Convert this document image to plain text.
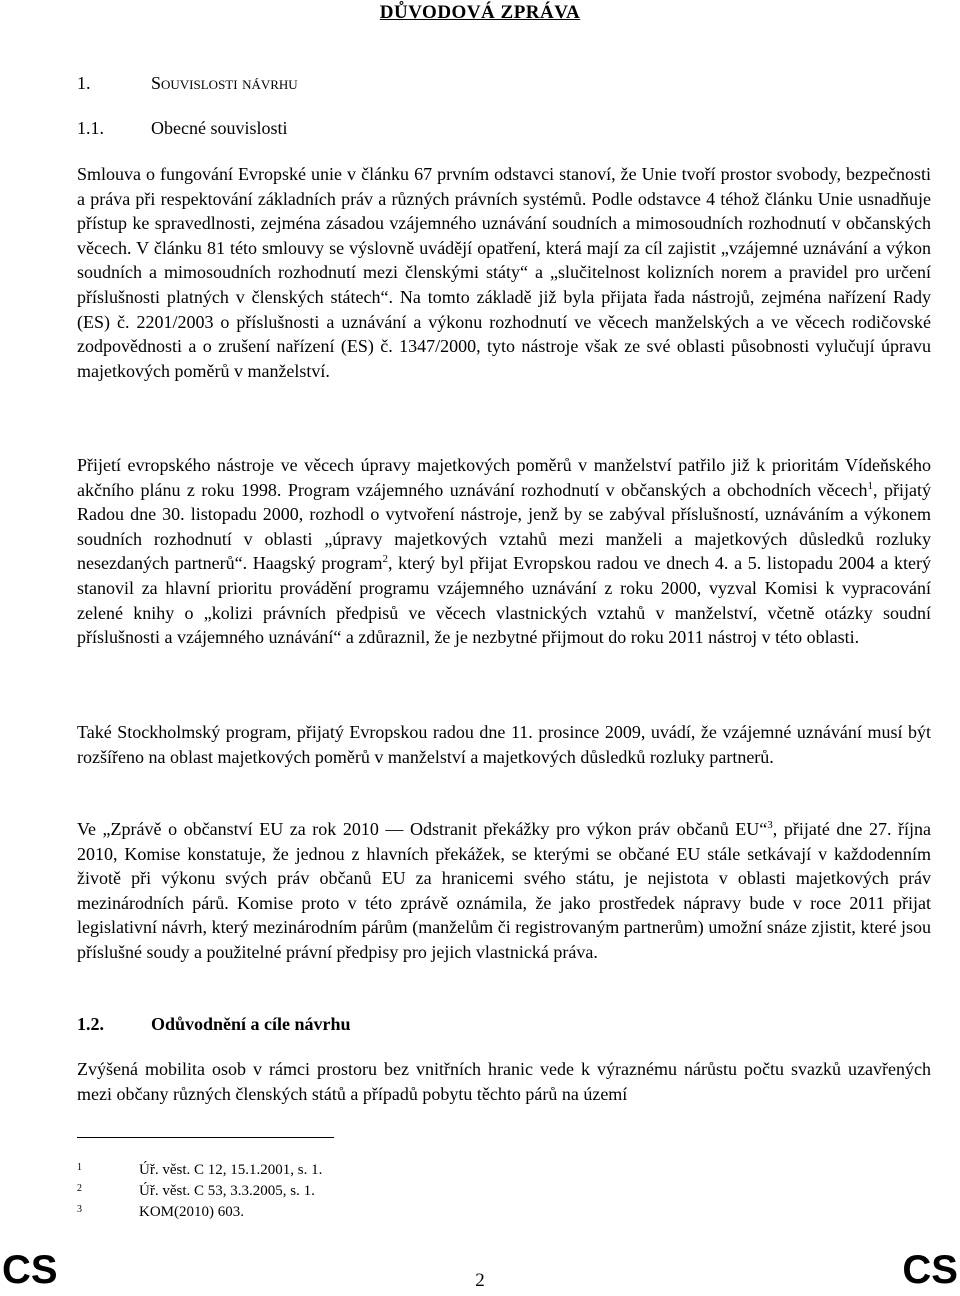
DŮVODOVÁ ZPRÁVA
1.	Souvislosti návrhu
1.1.	Obecné souvislosti

Smlouva o fungování Evropské unie v článku 67 prvním odstavci stanoví, že Unie tvoří prostor svobody, bezpečnosti a práva při respektování základních práv a různých právních systémů. Podle odstavce 4 téhož článku Unie usnadňuje přístup ke spravedlnosti, zejména zásadou vzájemného uznávání soudních a mimosoudních rozhodnutí v občanských věcech. V článku 81 této smlouvy se výslovně uvádějí opatření, která mají za cíl zajistit „vzájemné uznávání a výkon soudních a mimosoudních rozhodnutí mezi členskými státy“ a „slučitelnost kolizních norem a pravidel pro určení příslušnosti platných v členských státech“. Na tomto základě již byla přijata řada nástrojů, zejména nařízení Rady (ES) č. 2201/2003 o příslušnosti a uznávání a výkonu rozhodnutí ve věcech manželských a ve věcech rodičovské zodpovědnosti a o zrušení nařízení (ES) č. 1347/2000, tyto nástroje však ze své oblasti působnosti vylučují úpravu majetkových poměrů v manželství.

Přijetí evropského nástroje ve věcech úpravy majetkových poměrů v manželství patřilo již k prioritám Vídeňského akčního plánu z roku 1998. Program vzájemného uznávání rozhodnutí v občanských a obchodních věcech$^1$, přijatý Radou dne 30. listopadu 2000, rozhodl o vytvoření nástroje, jenž by se zabýval příslušností, uznáváním a výkonem soudních rozhodnutí v oblasti „úpravy majetkových vztahů mezi manželi a majetkových důsledků rozluky nesezdaných partnerů“. Haagský program$^2$, který byl přijat Evropskou radou ve dnech 4. a 5. listopadu 2004 a který stanovil za hlavní prioritu provádění programu vzájemného uznávání z roku 2000, vyzval Komisi k vypracování zelené knihy o „kolizi právních předpisů ve věcech vlastnických vztahů v manželství, včetně otázky soudní příslušnosti a vzájemného uznávání“ a zdůraznil, že je nezbytné přijmout do roku 2011 nástroj v této oblasti.

Také Stockholmský program, přijatý Evropskou radou dne 11. prosince 2009, uvádí, že vzájemné uznávání musí být rozšířeno na oblast majetkových poměrů v manželství a majetkových důsledků rozluky partnerů.

Ve „Zprávě o občanství EU za rok 2010 — Odstranit překážky pro výkon práv občanů EU“$^3$, přijaté dne 27. října 2010, Komise konstatuje, že jednou z hlavních překážek, se kterými se občané EU stále setkávají v každodenním životě při výkonu svých práv občanů EU za hranicemi svého státu, je nejistota v oblasti majetkových práv mezinárodních párů. Komise proto v této zprávě oznámila, že jako prostředek nápravy bude v roce 2011 přijat legislativní návrh, který mezinárodním párům (manželům či registrovaným partnerům) umožní snáze zjistit, které jsou příslušné soudy a použitelné právní předpisy pro jejich vlastnická práva.

1.2.	Odůvodnění a cíle návrhu

Zvýšená mobilita osob v rámci prostoru bez vnitřních hranic vede k výraznému nárůstu počtu svazků uzavřených mezi občany různých členských států a případů pobytu těchto párů na území

1	Úř. věst. C 12, 15.1.2001, s. 1.
2	Úř. věst. C 53, 3.3.2005, s. 1.
3	KOM(2010) 603.
CS	2	CS
